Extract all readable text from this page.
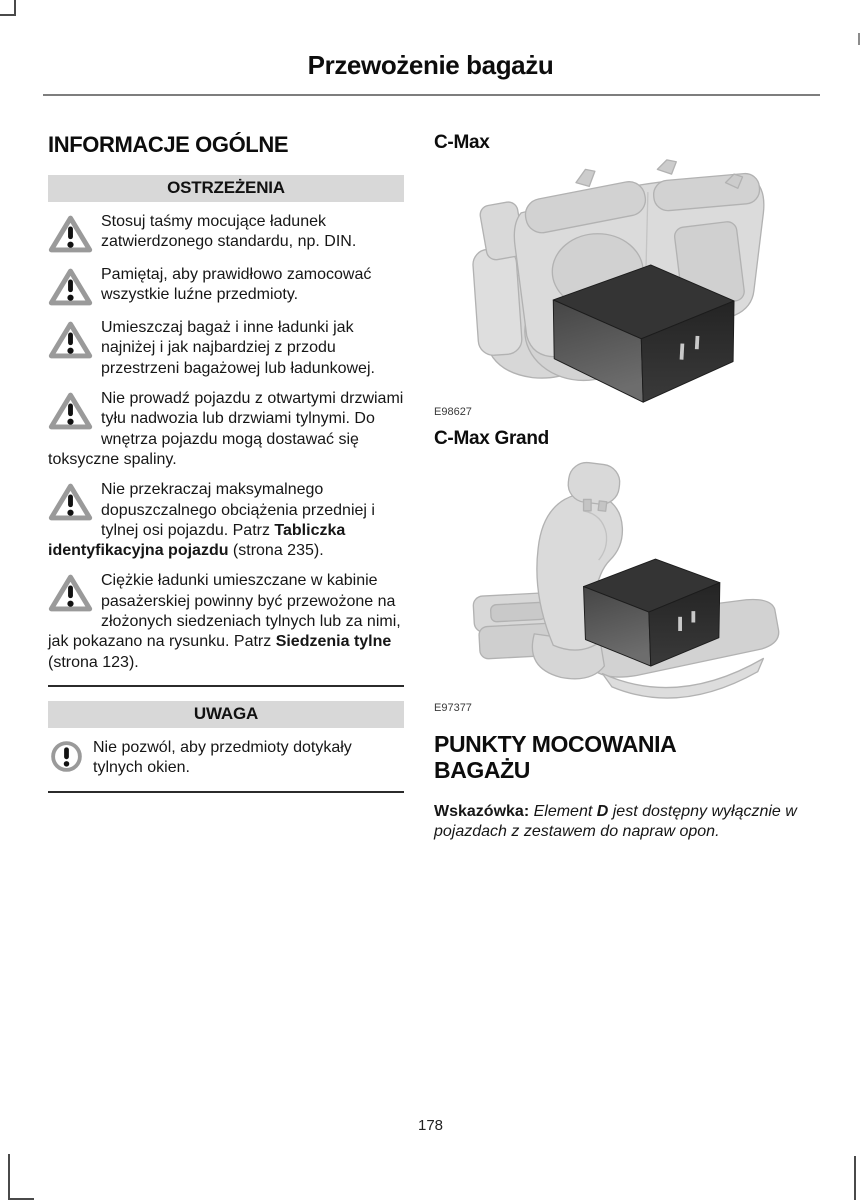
Przewożenie bagażu
INFORMACJE OGÓLNE
OSTRZEŻENIA
Stosuj taśmy mocujące ładunek zatwierdzonego standardu, np. DIN.
Pamiętaj, aby prawidłowo zamocować wszystkie luźne przedmioty.
Umieszczaj bagaż i inne ładunki jak najniżej i jak najbardziej z przodu przestrzeni bagażowej lub ładunkowej.
Nie prowadź pojazdu z otwartymi drzwiami tyłu nadwozia lub drzwiami tylnymi. Do wnętrza pojazdu mogą dostawać się toksyczne spaliny.
Nie przekraczaj maksymalnego dopuszczalnego obciążenia przedniej i tylnej osi pojazdu. Patrz Tabliczka identyfikacyjna pojazdu (strona 235).
Ciężkie ładunki umieszczane w kabinie pasażerskiej powinny być przewożone na złożonych siedzeniach tylnych lub za nimi, jak pokazano na rysunku. Patrz Siedzenia tylne (strona 123).
UWAGA
Nie pozwól, aby przedmioty dotykały tylnych okien.
C-Max

E98627

C-Max Grand

E97377

PUNKTY MOCOWANIA BAGAŻU

Wskazówka: Element D jest dostępny wyłącznie w pojazdach z zestawem do napraw opon.

178
